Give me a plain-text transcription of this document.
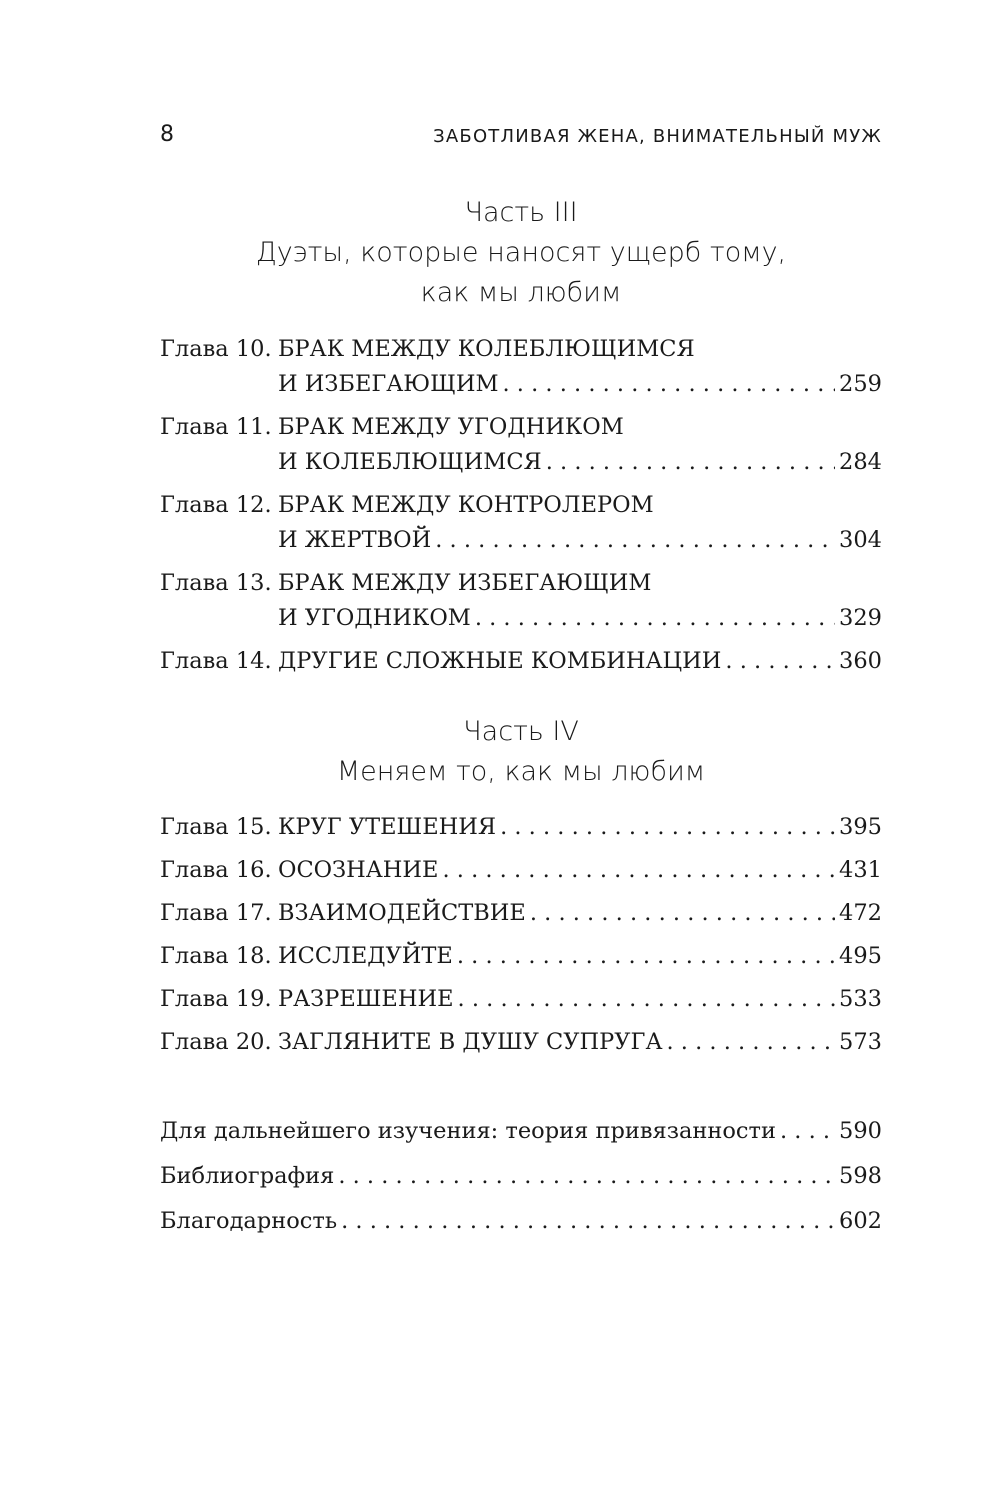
8	ЗАБОТЛИВАЯ ЖЕНА, ВНИМАТЕЛЬНЫЙ МУЖ
Часть III
Дуэты, которые наносят ущерб тому,
как мы любим
Глава 10. БРАК МЕЖДУ КОЛЕБЛЮЩИМСЯ
И ИЗБЕГАЮЩИМ . . .	259
Глава 11. БРАК МЕЖДУ УГОДНИКОМ
И КОЛЕБЛЮЩИМСЯ . . .	284
Глава 12. БРАК МЕЖДУ КОНТРОЛЕРОМ
И ЖЕРТВОЙ . . .	304
Глава 13. БРАК МЕЖДУ ИЗБЕГАЮЩИМ
И УГОДНИКОМ . . .	329
Глава 14. ДРУГИЕ СЛОЖНЫЕ КОМБИНАЦИИ . . .	360
Часть IV
Меняем то, как мы любим
Глава 15. КРУГ УТЕШЕНИЯ . . .	395
Глава 16. ОСОЗНАНИЕ . . .	431
Глава 17. ВЗАИМОДЕЙСТВИЕ . . .	472
Глава 18. ИССЛЕДУЙТЕ . . .	495
Глава 19. РАЗРЕШЕНИЕ . . .	533
Глава 20. ЗАГЛЯНИТЕ В ДУШУ СУПРУГА . . .	573
Для дальнейшего изучения: теория привязанности . . .	590
Библиография . . .	598
Благодарность . . .	602
